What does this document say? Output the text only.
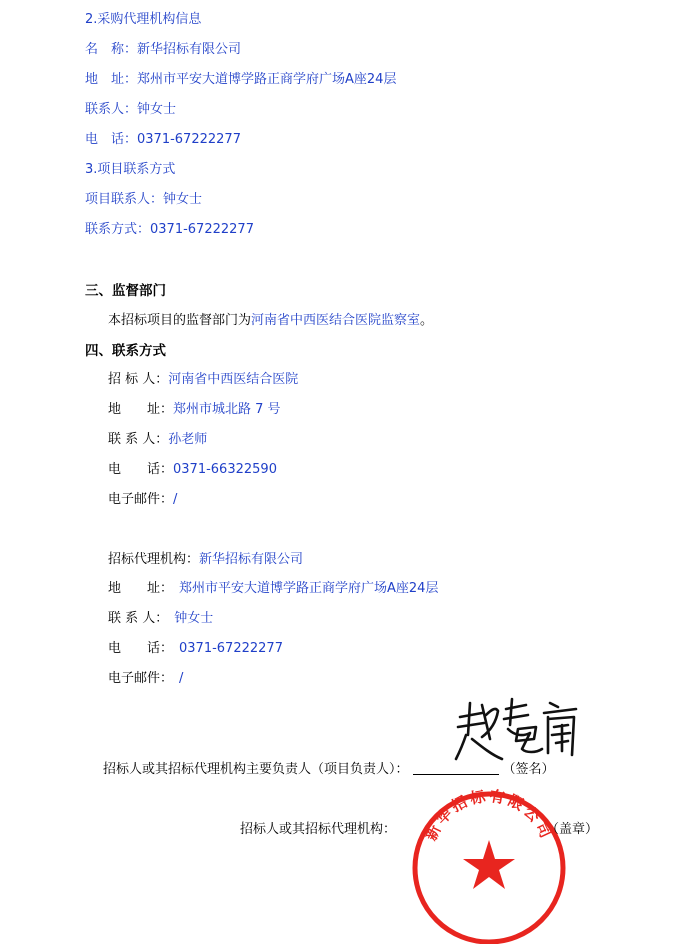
2.采购代理机构信息
名　称：新华招标有限公司
地　址：郑州市平安大道博学路正商学府广场A座24层
联系人：钟女士
电　话：0371-67222277
3.项目联系方式
项目联系人：钟女士
联系方式：0371-67222277
三、监督部门
本招标项目的监督部门为河南省中西医结合医院监察室。
四、联系方式
招 标 人：河南省中西医结合医院
地　　址：郑州市城北路 7 号
联 系 人：孙老师
电　　话：0371-66322590
电子邮件：/
招标代理机构：新华招标有限公司
地　　址： 郑州市平安大道博学路正商学府广场A座24层
联 系 人： 钟女士
电　　话： 0371-67222277
电子邮件： /
招标人或其招标代理机构主要负责人（项目负责人）：	（签名）
新华招标有限公司
招标人或其招标代理机构：	（盖章）
